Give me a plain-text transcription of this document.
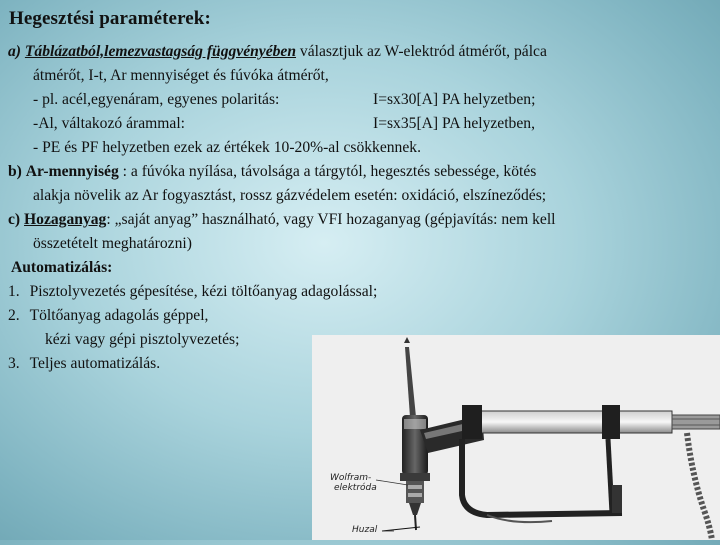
Hegesztési paraméterek:
a) Táblázatból,lemezvastagság függvényében választjuk az W-elektród átmérőt, pálca
átmérőt, I-t, Ar mennyiséget és fúvóka átmérőt,
- pl. acél,egyenáram, egyenes polaritás:	I=sx30[A] PA helyzetben;
-Al, váltakozó árammal:	I=sx35[A] PA helyzetben,
- PE és PF helyzetben ezek az értékek 10-20%-al csökkennek.
b) Ar-mennyiség : a fúvóka nyílása, távolsága a tárgytól, hegesztés sebessége, kötés
alakja növelik az Ar fogyasztást, rossz gázvédelem esetén: oxidáció, elszíneződés;
c) Hozaganyag: „saját anyag” használható, vagy VFI hozaganyag (gépjavítás: nem kell
összetételt meghatározni)
Automatizálás:
1. Pisztolyvezetés gépesítése, kézi töltőanyag adagolással;
2. Töltőanyag adagolás géppel,
kézi vagy gépi pisztolyvezetés;
3. Teljes automatizálás.
Wolfram-
elektróda
Huzal
